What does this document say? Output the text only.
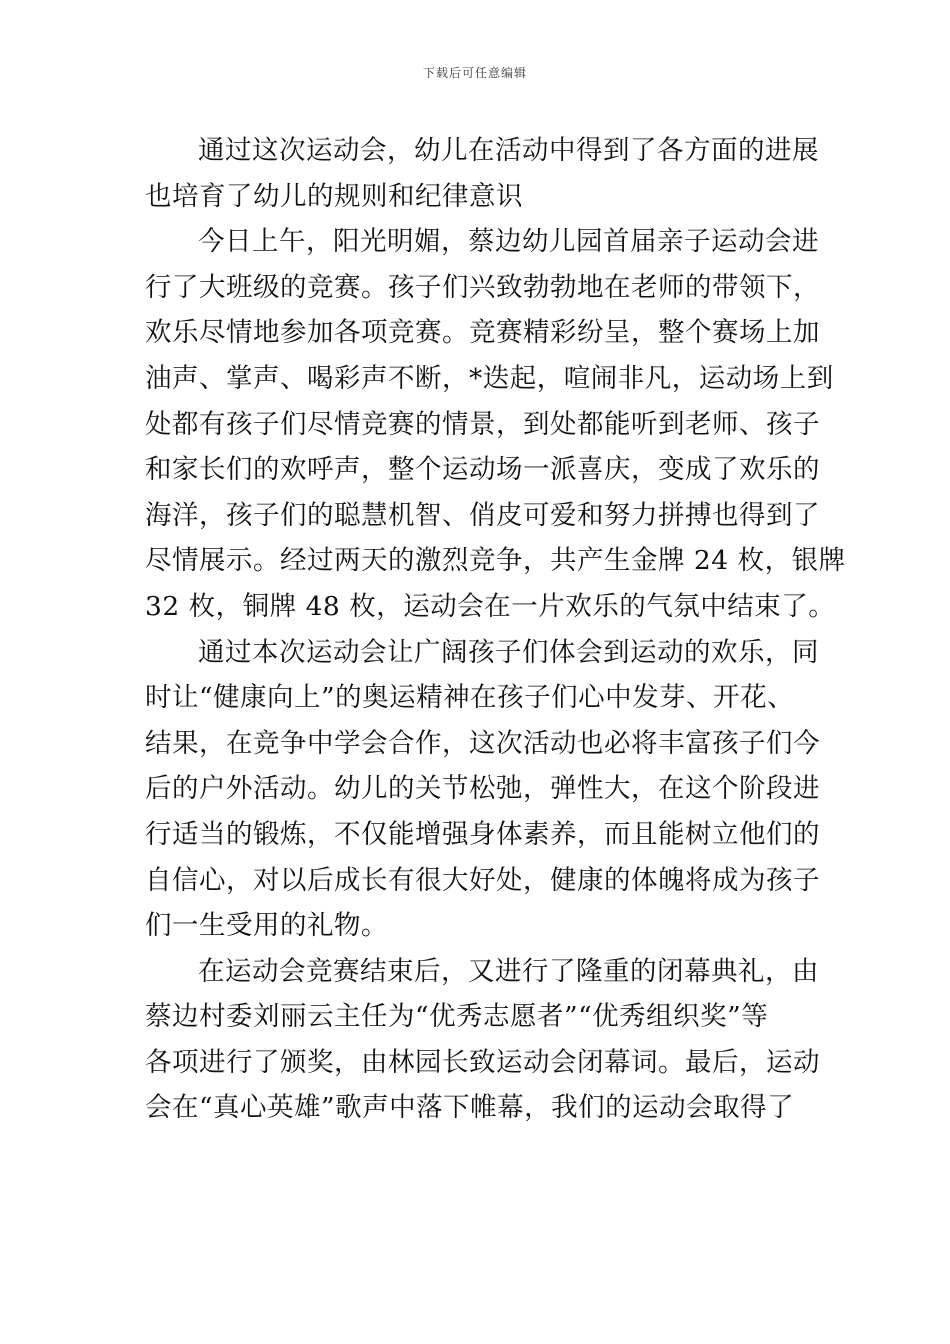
下载后可任意编辑

通过这次运动会，幼儿在活动中得到了各方面的进展
也培育了幼儿的规则和纪律意识

今日上午，阳光明媚，蔡边幼儿园首届亲子运动会进
行了大班级的竞赛。孩子们兴致勃勃地在老师的带领下，
欢乐尽情地参加各项竞赛。竞赛精彩纷呈，整个赛场上加
油声、掌声、喝彩声不断，*迭起，喧闹非凡，运动场上到
处都有孩子们尽情竞赛的情景，到处都能听到老师、孩子
和家长们的欢呼声，整个运动场一派喜庆，变成了欢乐的
海洋，孩子们的聪慧机智、俏皮可爱和努力拼搏也得到了
尽情展示。经过两天的激烈竞争，共产生金牌 24 枚，银牌
32 枚，铜牌 48 枚，运动会在一片欢乐的气氛中结束了。

通过本次运动会让广阔孩子们体会到运动的欢乐，同
时让“健康向上”的奥运精神在孩子们心中发芽、开花、
结果，在竞争中学会合作，这次活动也必将丰富孩子们今
后的户外活动。幼儿的关节松弛，弹性大，在这个阶段进
行适当的锻炼，不仅能增强身体素养，而且能树立他们的
自信心，对以后成长有很大好处，健康的体魄将成为孩子
们一生受用的礼物。

在运动会竞赛结束后，又进行了隆重的闭幕典礼，由
蔡边村委刘丽云主任为“优秀志愿者”“优秀组织奖”等
各项进行了颁奖，由林园长致运动会闭幕词。最后，运动
会在“真心英雄”歌声中落下帷幕，我们的运动会取得了
